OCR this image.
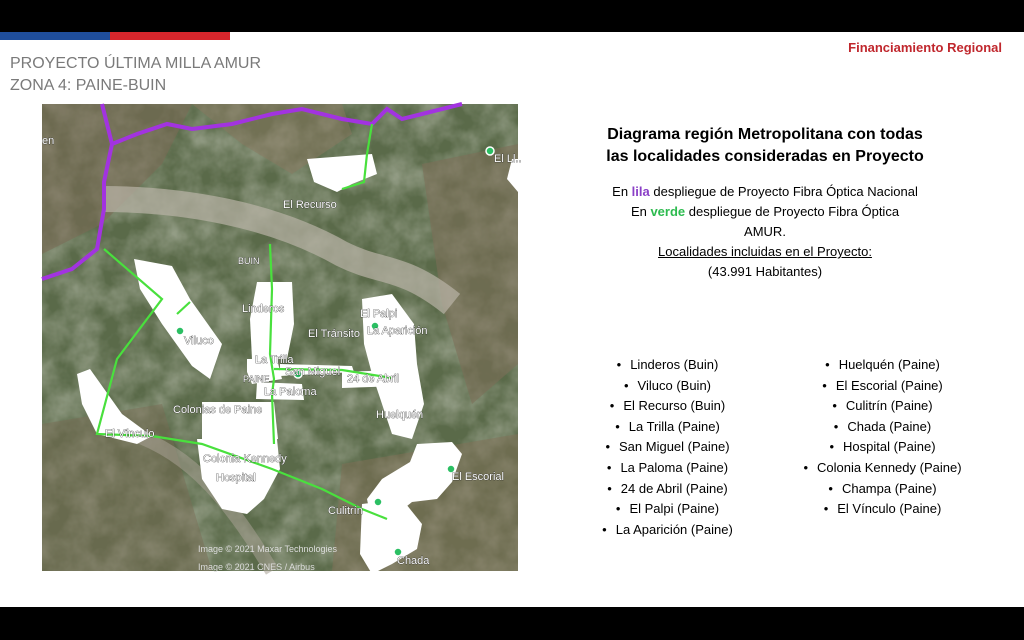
Financiamiento Regional
PROYECTO ÚLTIMA MILLA AMUR
ZONA 4: PAINE-BUIN
en
El Recurso
BUIN
Linderos	El Palpi
El Tránsito La Aparición
Viluco
La Trilla
San Miguel
PAINE	24 de Abril
La Paloma
Colonias de Paine	Huelquén
El Vínculo
Colonia Kennedy
Hospital	El Escorial
Culitrín
Chada
El Ll..
Image © 2021 Maxar Technologies
Image © 2021 CNES / Airbus
Diagrama región Metropolitana con todas las localidades consideradas en Proyecto
En lila despliegue de Proyecto Fibra Óptica Nacional
En verde despliegue de Proyecto Fibra Óptica AMUR.
Localidades incluidas en el Proyecto:
(43.991 Habitantes)
• Linderos (Buin)
• Viluco (Buin)
• El Recurso (Buin)
• La Trilla (Paine)
• San Miguel (Paine)
• La Paloma (Paine)
• 24 de Abril (Paine)
• El Palpi (Paine)
• La Aparición (Paine)
• Huelquén (Paine)
• El Escorial (Paine)
• Culitrín (Paine)
• Chada (Paine)
• Hospital (Paine)
• Colonia Kennedy (Paine)
• Champa (Paine)
• El Vínculo (Paine)
